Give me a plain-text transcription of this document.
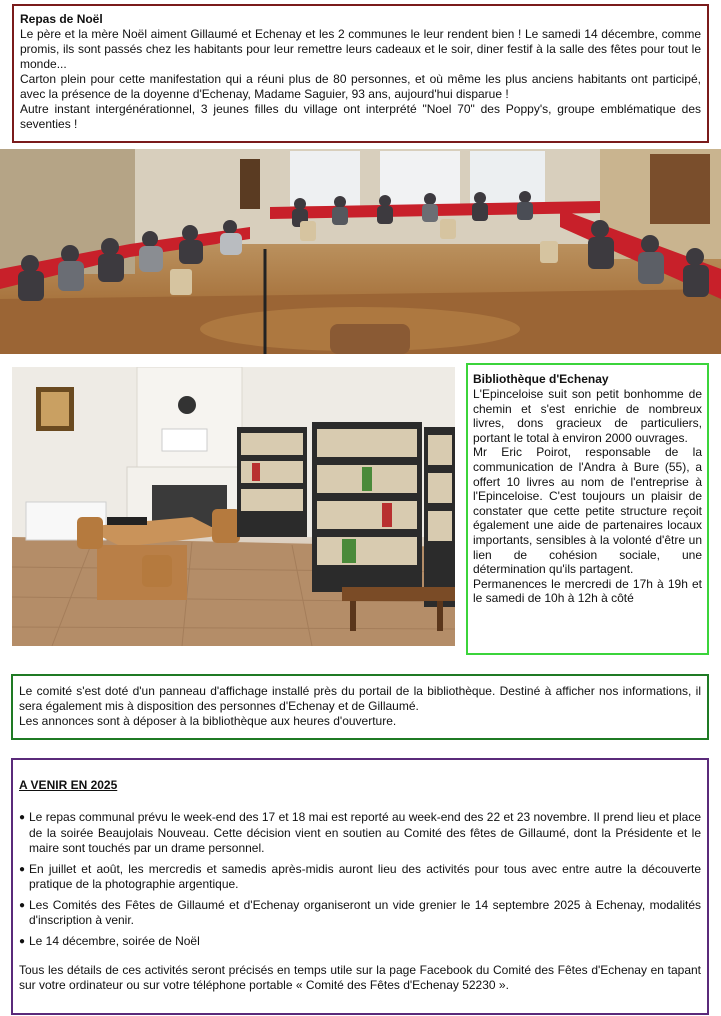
Repas de Noël

Le père et la mère Noël aiment Gillaumé et Echenay et les 2 communes le leur rendent bien ! Le samedi 14 décembre, comme promis, ils sont passés chez les habitants pour leur remettre leurs cadeaux et le soir, diner festif à la salle des fêtes pour tout le monde...

Carton plein pour cette manifestation qui a réuni plus de 80 personnes, et où même les plus anciens habitants ont participé, avec la présence de la doyenne d'Echenay, Madame Saguier, 93 ans, aujourd'hui disparue !

Autre instant intergénérationnel, 3 jeunes filles du village ont interprété "Noel 70" des Poppy's, groupe emblématique des seventies !

Bibliothèque d'Echenay

L'Epinceloise suit son petit bonhomme de chemin et s'est enrichie de nombreux livres, dons gracieux de particuliers, portant le total à environ 2000 ouvrages.

Mr Eric Poirot, responsable de la communication de l'Andra à Bure (55), a offert 10 livres au nom de l'entreprise à l'Epinceloise. C'est toujours un plaisir de constater que cette petite structure reçoit également une aide de partenaires locaux importants, sensibles à la volonté d'être un lien de cohésion sociale, une détermination qu'ils partagent.

Permanences le mercredi de 17h à 19h et le samedi de 10h à 12h à côté

Le comité s'est doté d'un panneau d'affichage installé près du portail de la bibliothèque. Destiné à afficher nos informations, il sera également mis à disposition des personnes d'Echenay et de Gillaumé.

Les annonces sont à déposer à la bibliothèque aux heures d'ouverture.

A VENIR EN 2025
● Le repas communal prévu le week-end des 17 et 18 mai est reporté au week-end des 22 et 23 novembre. Il prend lieu et place de la soirée Beaujolais Nouveau. Cette décision vient en soutien au Comité des fêtes de Gillaumé, dont la Présidente et le maire sont touchés par un drame personnel.
● En juillet et août, les mercredis et samedis après-midis auront lieu des activités pour tous avec entre autre la découverte pratique de la photographie argentique.
● Les Comités des Fêtes de Gillaumé et d'Echenay organiseront un vide grenier le 14 septembre 2025 à Echenay, modalités d'inscription à venir.
● Le 14 décembre, soirée de Noël

Tous les détails de ces activités seront précisés en temps utile sur la page Facebook du Comité des Fêtes d'Echenay en tapant sur votre ordinateur ou sur votre téléphone portable « Comité des Fêtes d'Echenay 52230 ».
